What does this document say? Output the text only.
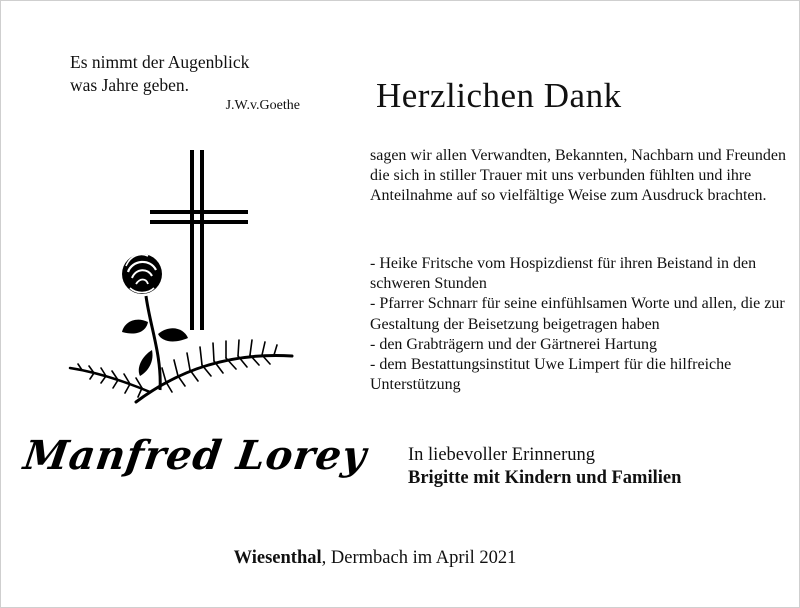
Es nimmt der Augenblick
was Jahre geben.
J.W.v.Goethe Herzlichen Dank
sagen wir allen Verwandten, Bekannten, Nachbarn und Freunden die sich in stiller Trauer mit uns verbunden fühlten und ihre Anteilnahme auf so vielfältige Weise zum Ausdruck brachten.
- Heike Fritsche vom Hospizdienst für ihren Beistand in den schweren Stunden
- Pfarrer Schnarr für seine einfühlsamen Worte und allen, die zur Gestaltung der Beisetzung beigetragen haben
- den Grabträgern und der Gärtnerei Hartung
- dem Bestattungsinstitut Uwe Limpert für die hilfreiche Unterstützung
Manfred Lorey In liebevoller Erinnerung
Brigitte mit Kindern und Familien
Wiesenthal, Dermbach im April 2021
